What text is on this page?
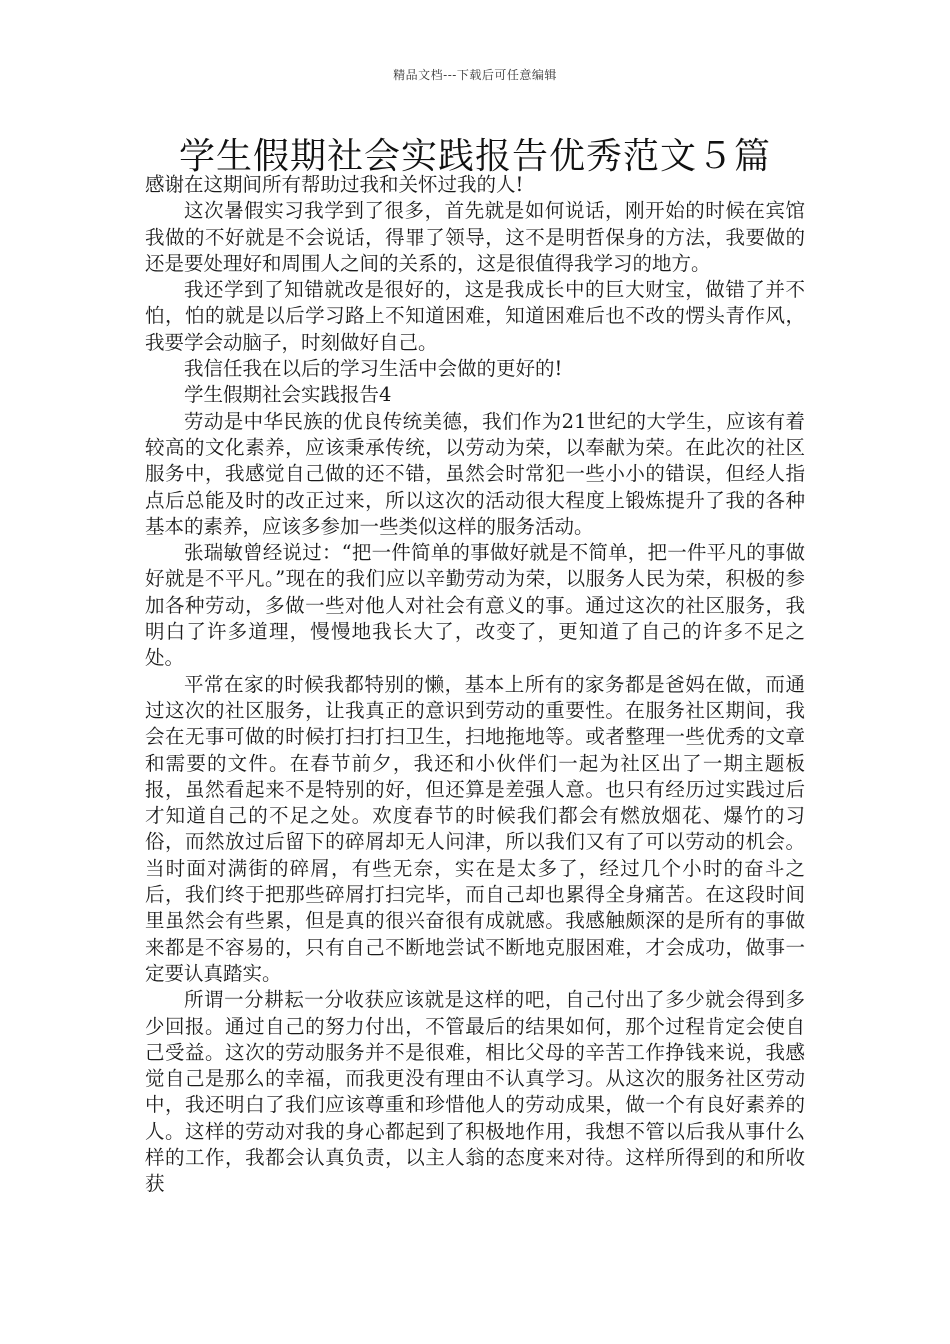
精品文档---下载后可任意编辑
学生假期社会实践报告优秀范文５篇

感谢在这期间所有帮助过我和关怀过我的人!

这次暑假实习我学到了很多，首先就是如何说话，刚开始的时候在宾馆我做的不好就是不会说话，得罪了领导，这不是明哲保身的方法，我要做的还是要处理好和周围人之间的关系的，这是很值得我学习的地方。

我还学到了知错就改是很好的，这是我成长中的巨大财宝，做错了并不怕，怕的就是以后学习路上不知道困难，知道困难后也不改的愣头青作风，我要学会动脑子，时刻做好自己。

我信任我在以后的学习生活中会做的更好的!

学生假期社会实践报告4

劳动是中华民族的优良传统美德，我们作为21世纪的大学生，应该有着较高的文化素养，应该秉承传统，以劳动为荣，以奉献为荣。在此次的社区服务中，我感觉自己做的还不错，虽然会时常犯一些小小的错误，但经人指点后总能及时的改正过来，所以这次的活动很大程度上锻炼提升了我的各种基本的素养，应该多参加一些类似这样的服务活动。

张瑞敏曾经说过：“把一件简单的事做好就是不简单，把一件平凡的事做好就是不平凡。”现在的我们应以辛勤劳动为荣，以服务人民为荣，积极的参加各种劳动，多做一些对他人对社会有意义的事。通过这次的社区服务，我明白了许多道理，慢慢地我长大了，改变了，更知道了自己的许多不足之处。

平常在家的时候我都特别的懒，基本上所有的家务都是爸妈在做，而通过这次的社区服务，让我真正的意识到劳动的重要性。在服务社区期间，我会在无事可做的时候打扫打扫卫生，扫地拖地等。或者整理一些优秀的文章和需要的文件。在春节前夕，我还和小伙伴们一起为社区出了一期主题板报，虽然看起来不是特别的好，但还算是差强人意。也只有经历过实践过后才知道自己的不足之处。欢度春节的时候我们都会有燃放烟花、爆竹的习俗，而然放过后留下的碎屑却无人问津，所以我们又有了可以劳动的机会。当时面对满街的碎屑，有些无奈，实在是太多了，经过几个小时的奋斗之后，我们终于把那些碎屑打扫完毕，而自己却也累得全身痛苦。在这段时间里虽然会有些累，但是真的很兴奋很有成就感。我感触颇深的是所有的事做来都是不容易的，只有自己不断地尝试不断地克服困难，才会成功，做事一定要认真踏实。

所谓一分耕耘一分收获应该就是这样的吧，自己付出了多少就会得到多少回报。通过自己的努力付出，不管最后的结果如何，那个过程肯定会使自己受益。这次的劳动服务并不是很难，相比父母的辛苦工作挣钱来说，我感觉自己是那么的幸福，而我更没有理由不认真学习。从这次的服务社区劳动中，我还明白了我们应该尊重和珍惜他人的劳动成果，做一个有良好素养的人。这样的劳动对我的身心都起到了积极地作用，我想不管以后我从事什么样的工作，我都会认真负责，以主人翁的态度来对待。这样所得到的和所收获
